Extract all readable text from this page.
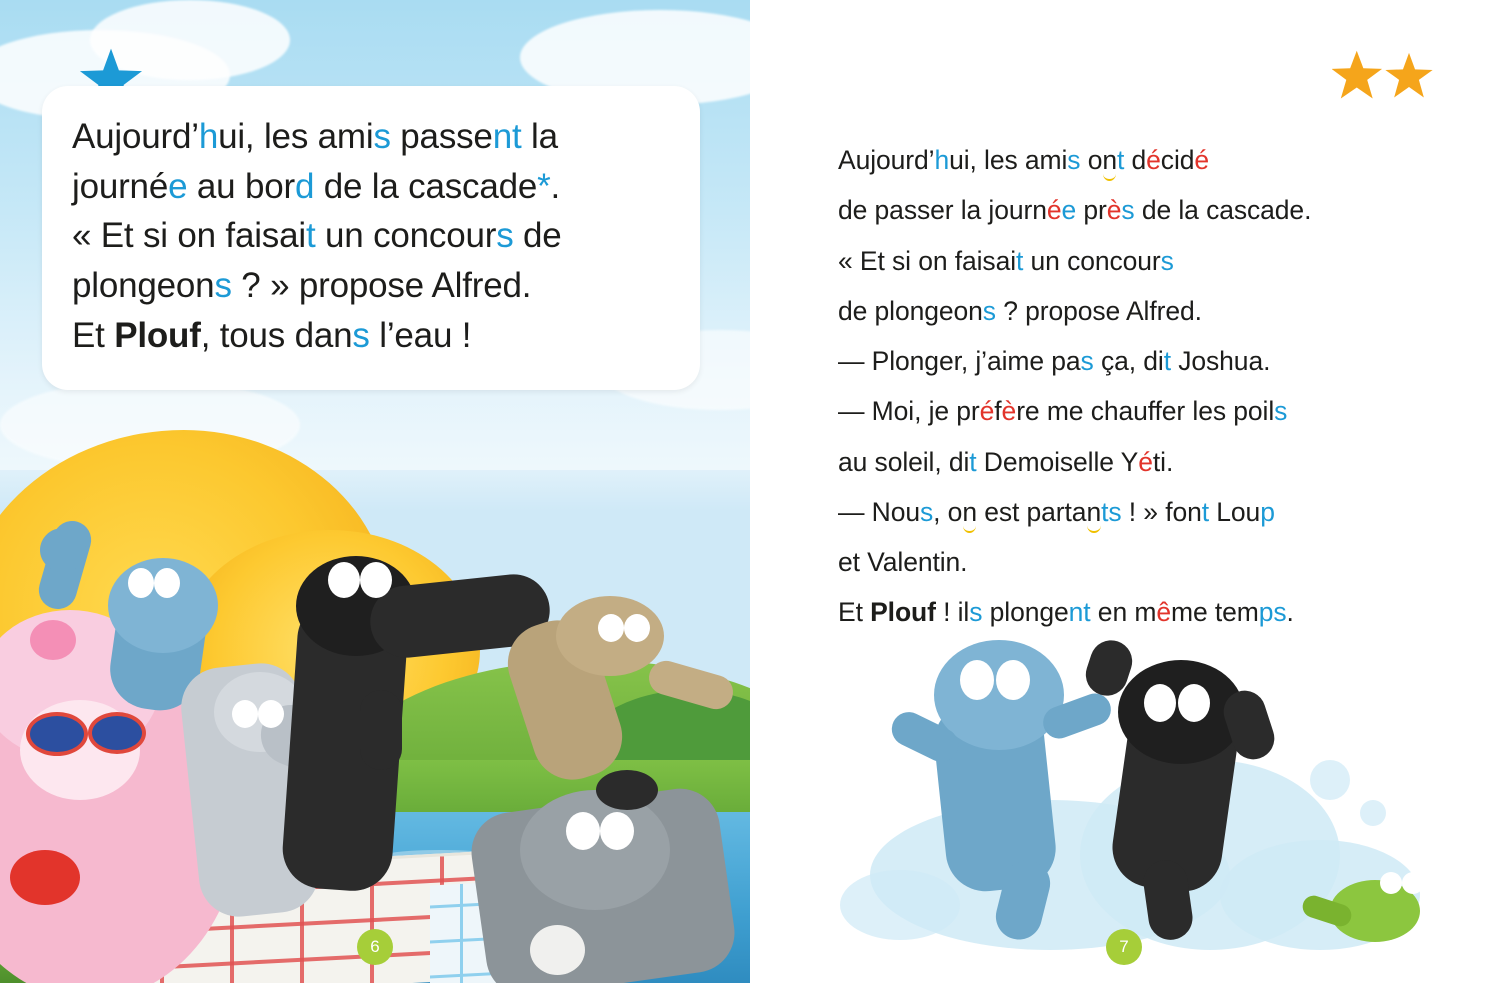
Aujourd’hui, les amis passent la

journée au bord de la cascade*.

« Et si on faisait un concours de

plongeons ? » propose Alfred.

Et Plouf, tous dans l’eau !

6

Aujourd’hui, les amis ont décidé

de passer la journée près de la cascade.

« Et si on faisait un concours

de plongeons ? propose Alfred.

— Plonger, j’aime pas ça, dit Joshua.

— Moi, je préfère me chauffer les poils

au soleil, dit Demoiselle Yéti.

— Nous, on est partants ! » font Loup

et Valentin.

Et Plouf ! ils plongent en même temps.

7
